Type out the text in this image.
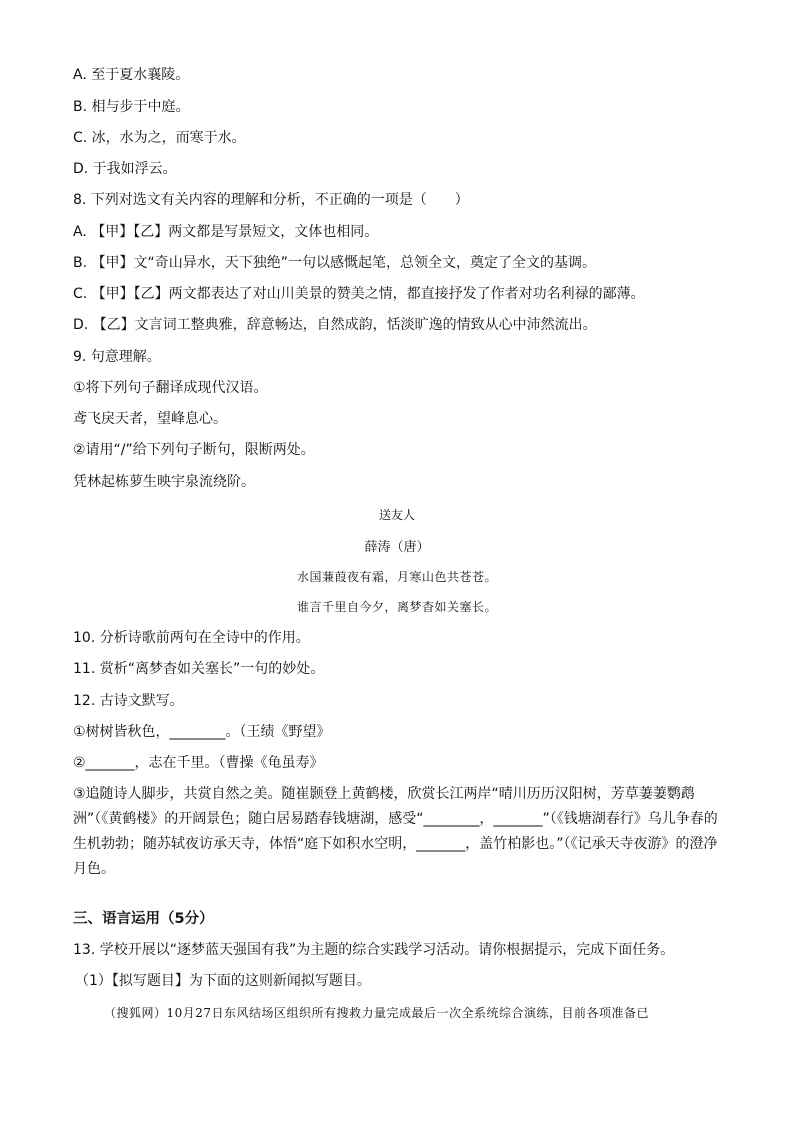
A. 至于夏水襄陵。
B. 相与步于中庭。
C. 冰，水为之，而寒于水。
D. 于我如浮云。
8. 下列对选文有关内容的理解和分析，不正确的一项是（　　）
A. 【甲】【乙】两文都是写景短文，文体也相同。
B. 【甲】文“奇山异水，天下独绝”一句以感慨起笔，总领全文，奠定了全文的基调。
C. 【甲】【乙】两文都表达了对山川美景的赞美之情，都直接抒发了作者对功名利禄的鄙薄。
D. 【乙】文言词工整典雅，辞意畅达，自然成韵，恬淡旷逸的情致从心中沛然流出。
9. 句意理解。
①将下列句子翻译成现代汉语。
鸢飞戾天者，望峰息心。
②请用“/”给下列句子断句，限断两处。
凭林起栋萝生映宇泉流绕阶。
送友人
薛涛（唐）
水国蒹葭夜有霜，月寒山色共苍苍。
谁言千里自今夕，离梦杳如关塞长。
10. 分析诗歌前两句在全诗中的作用。
11. 赏析“离梦杳如关塞长”一句的妙处。
12. 古诗文默写。
①树树皆秋色，________。（王绩《野望》
②_______，志在千里。（曹操《龟虽寿》
③追随诗人脚步，共赏自然之美。随崔颢登上黄鹤楼，欣赏长江两岸“晴川历历汉阳树，芳草萋萋鹦鹉洲”（《黄鹤楼》的开阔景色；随白居易踏春钱塘湖，感受“________，_______”（《钱塘湖春行》乌儿争春的生机勃勃；随苏轼夜访承天寺，体悟“庭下如积水空明，_______，盖竹柏影也。”（《记承天寺夜游》的澄净月色。
三、语言运用（5分）
13. 学校开展以“逐梦蓝天强国有我”为主题的综合实践学习活动。请你根据提示，完成下面任务。
（1）【拟写题目】为下面的这则新闻拟写题目。
（搜狐网）10月27日东风结场区组织所有搜救力量完成最后一次全系统综合演练，目前各项准备已
